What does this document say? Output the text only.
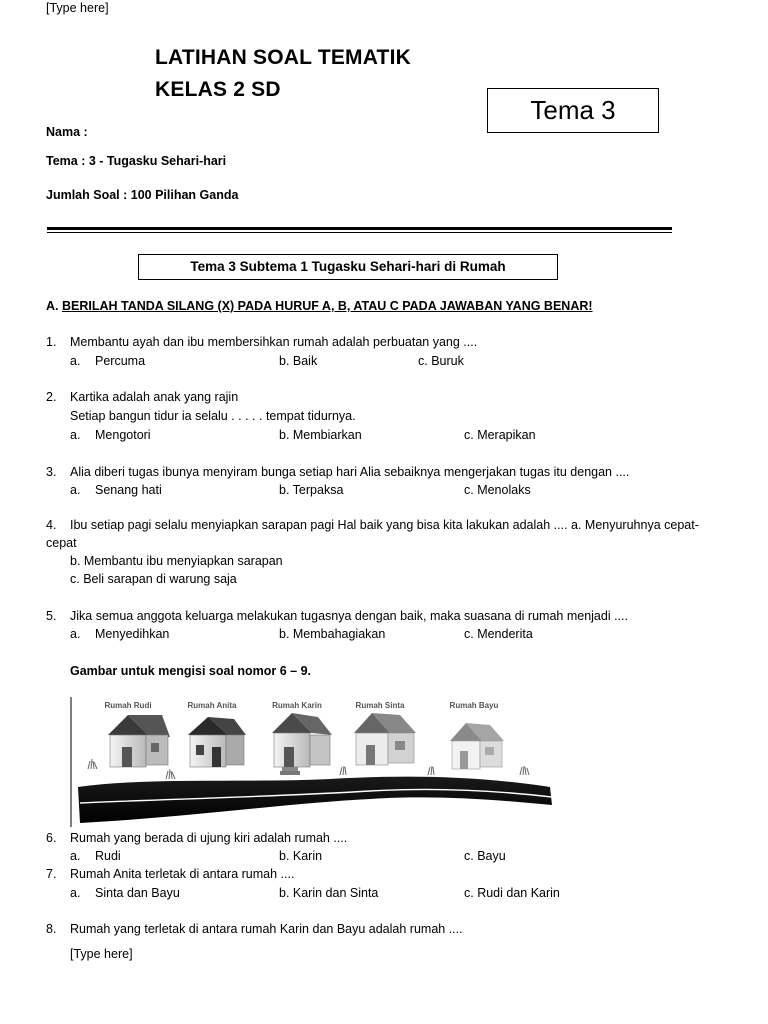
[Type here]
LATIHAN SOAL TEMATIK
KELAS 2 SD
Tema 3
Nama :
Tema : 3 - Tugasku Sehari-hari
Jumlah Soal : 100 Pilihan Ganda
Tema 3 Subtema 1 Tugasku Sehari-hari di Rumah
A. BERILAH TANDA SILANG (X) PADA HURUF A, B, ATAU C PADA JAWABAN YANG BENAR!
1. Membantu ayah dan ibu membersihkan rumah adalah perbuatan yang ....
a. Percuma	b. Baik	c. Buruk
2. Kartika adalah anak yang rajin
Setiap bangun tidur ia selalu . . . . . tempat tidurnya.
a. Mengotori	b. Membiarkan	c. Merapikan
3. Alia diberi tugas ibunya menyiram bunga setiap hari Alia sebaiknya mengerjakan tugas itu dengan ....
a. Senang hati	b. Terpaksa	c. Menolaks
4. Ibu setiap pagi selalu menyiapkan sarapan pagi Hal baik yang bisa kita lakukan adalah .... a. Menyuruhnya cepat-
cepat
b. Membantu ibu menyiapkan sarapan
c. Beli sarapan di warung saja
5. Jika semua anggota keluarga melakukan tugasnya dengan baik, maka suasana di rumah menjadi ....
a. Menyedihkan	b. Membahagiakan	c. Menderita
Gambar untuk mengisi soal nomor 6 – 9.
Rumah Rudi	Rumah Anita	Rumah Karin	Rumah Sinta	Rumah Bayu
6. Rumah yang berada di ujung kiri adalah rumah ....
a. Rudi	b. Karin	c. Bayu
7. Rumah Anita terletak di antara rumah ....
a. Sinta dan Bayu	b. Karin dan Sinta	c. Rudi dan Karin
8. Rumah yang terletak di antara rumah Karin dan Bayu adalah rumah ....
[Type here]
